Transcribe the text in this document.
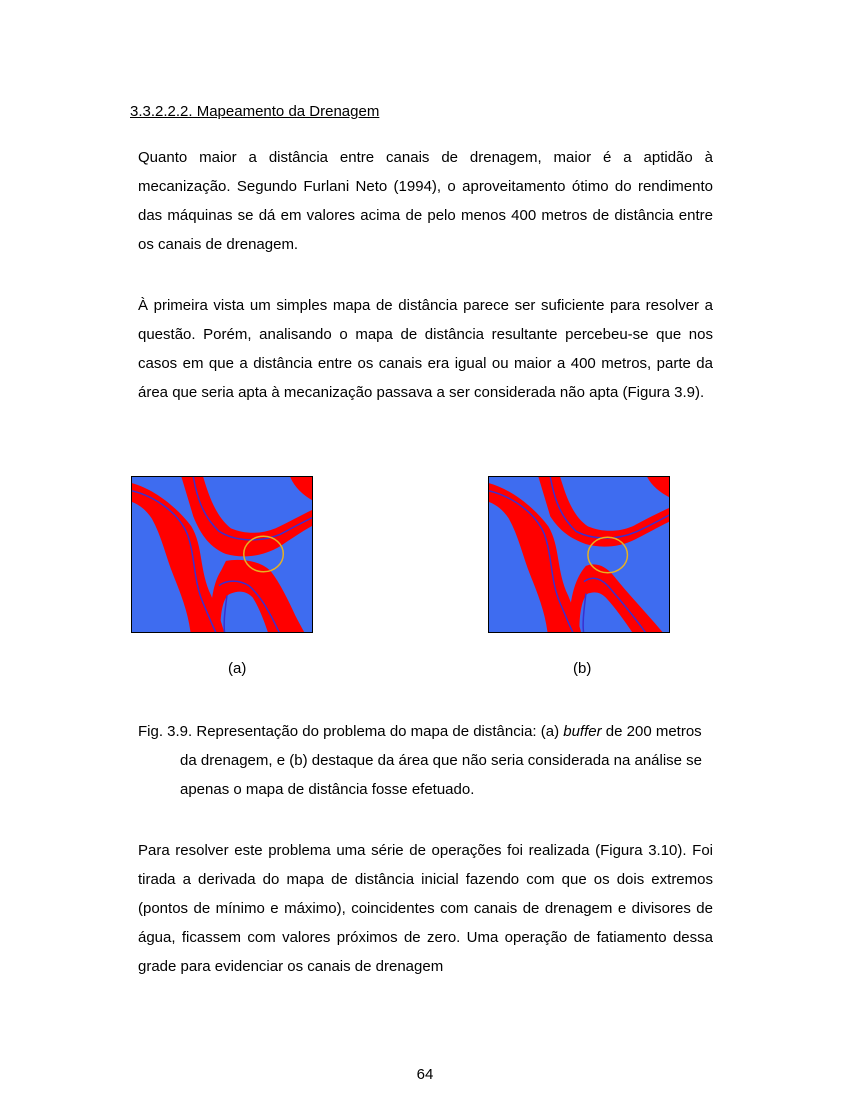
3.3.2.2.2. Mapeamento da Drenagem

Quanto maior a distância entre canais de drenagem, maior é a aptidão à mecanização. Segundo Furlani Neto (1994), o aproveitamento ótimo do rendimento das máquinas se dá em valores acima de pelo menos 400 metros de distância entre os canais de drenagem.

À primeira vista um simples mapa de distância parece ser suficiente para resolver a questão. Porém, analisando o mapa de distância resultante percebeu-se que nos casos em que a distância entre os canais era igual ou maior a 400 metros, parte da área que seria apta à mecanização passava a ser considerada não apta (Figura 3.9).

(a)	(b)

Fig. 3.9. Representação do problema do mapa de distância: (a) buffer de 200 metros da drenagem, e (b) destaque da área que não seria considerada na análise se apenas o mapa de distância fosse efetuado.

Para resolver este problema uma série de operações foi realizada (Figura 3.10). Foi tirada a derivada do mapa de distância inicial fazendo com que os dois extremos (pontos de mínimo e máximo), coincidentes com canais de drenagem e divisores de água, ficassem com valores próximos de zero. Uma operação de fatiamento dessa grade para evidenciar os canais de drenagem

64
